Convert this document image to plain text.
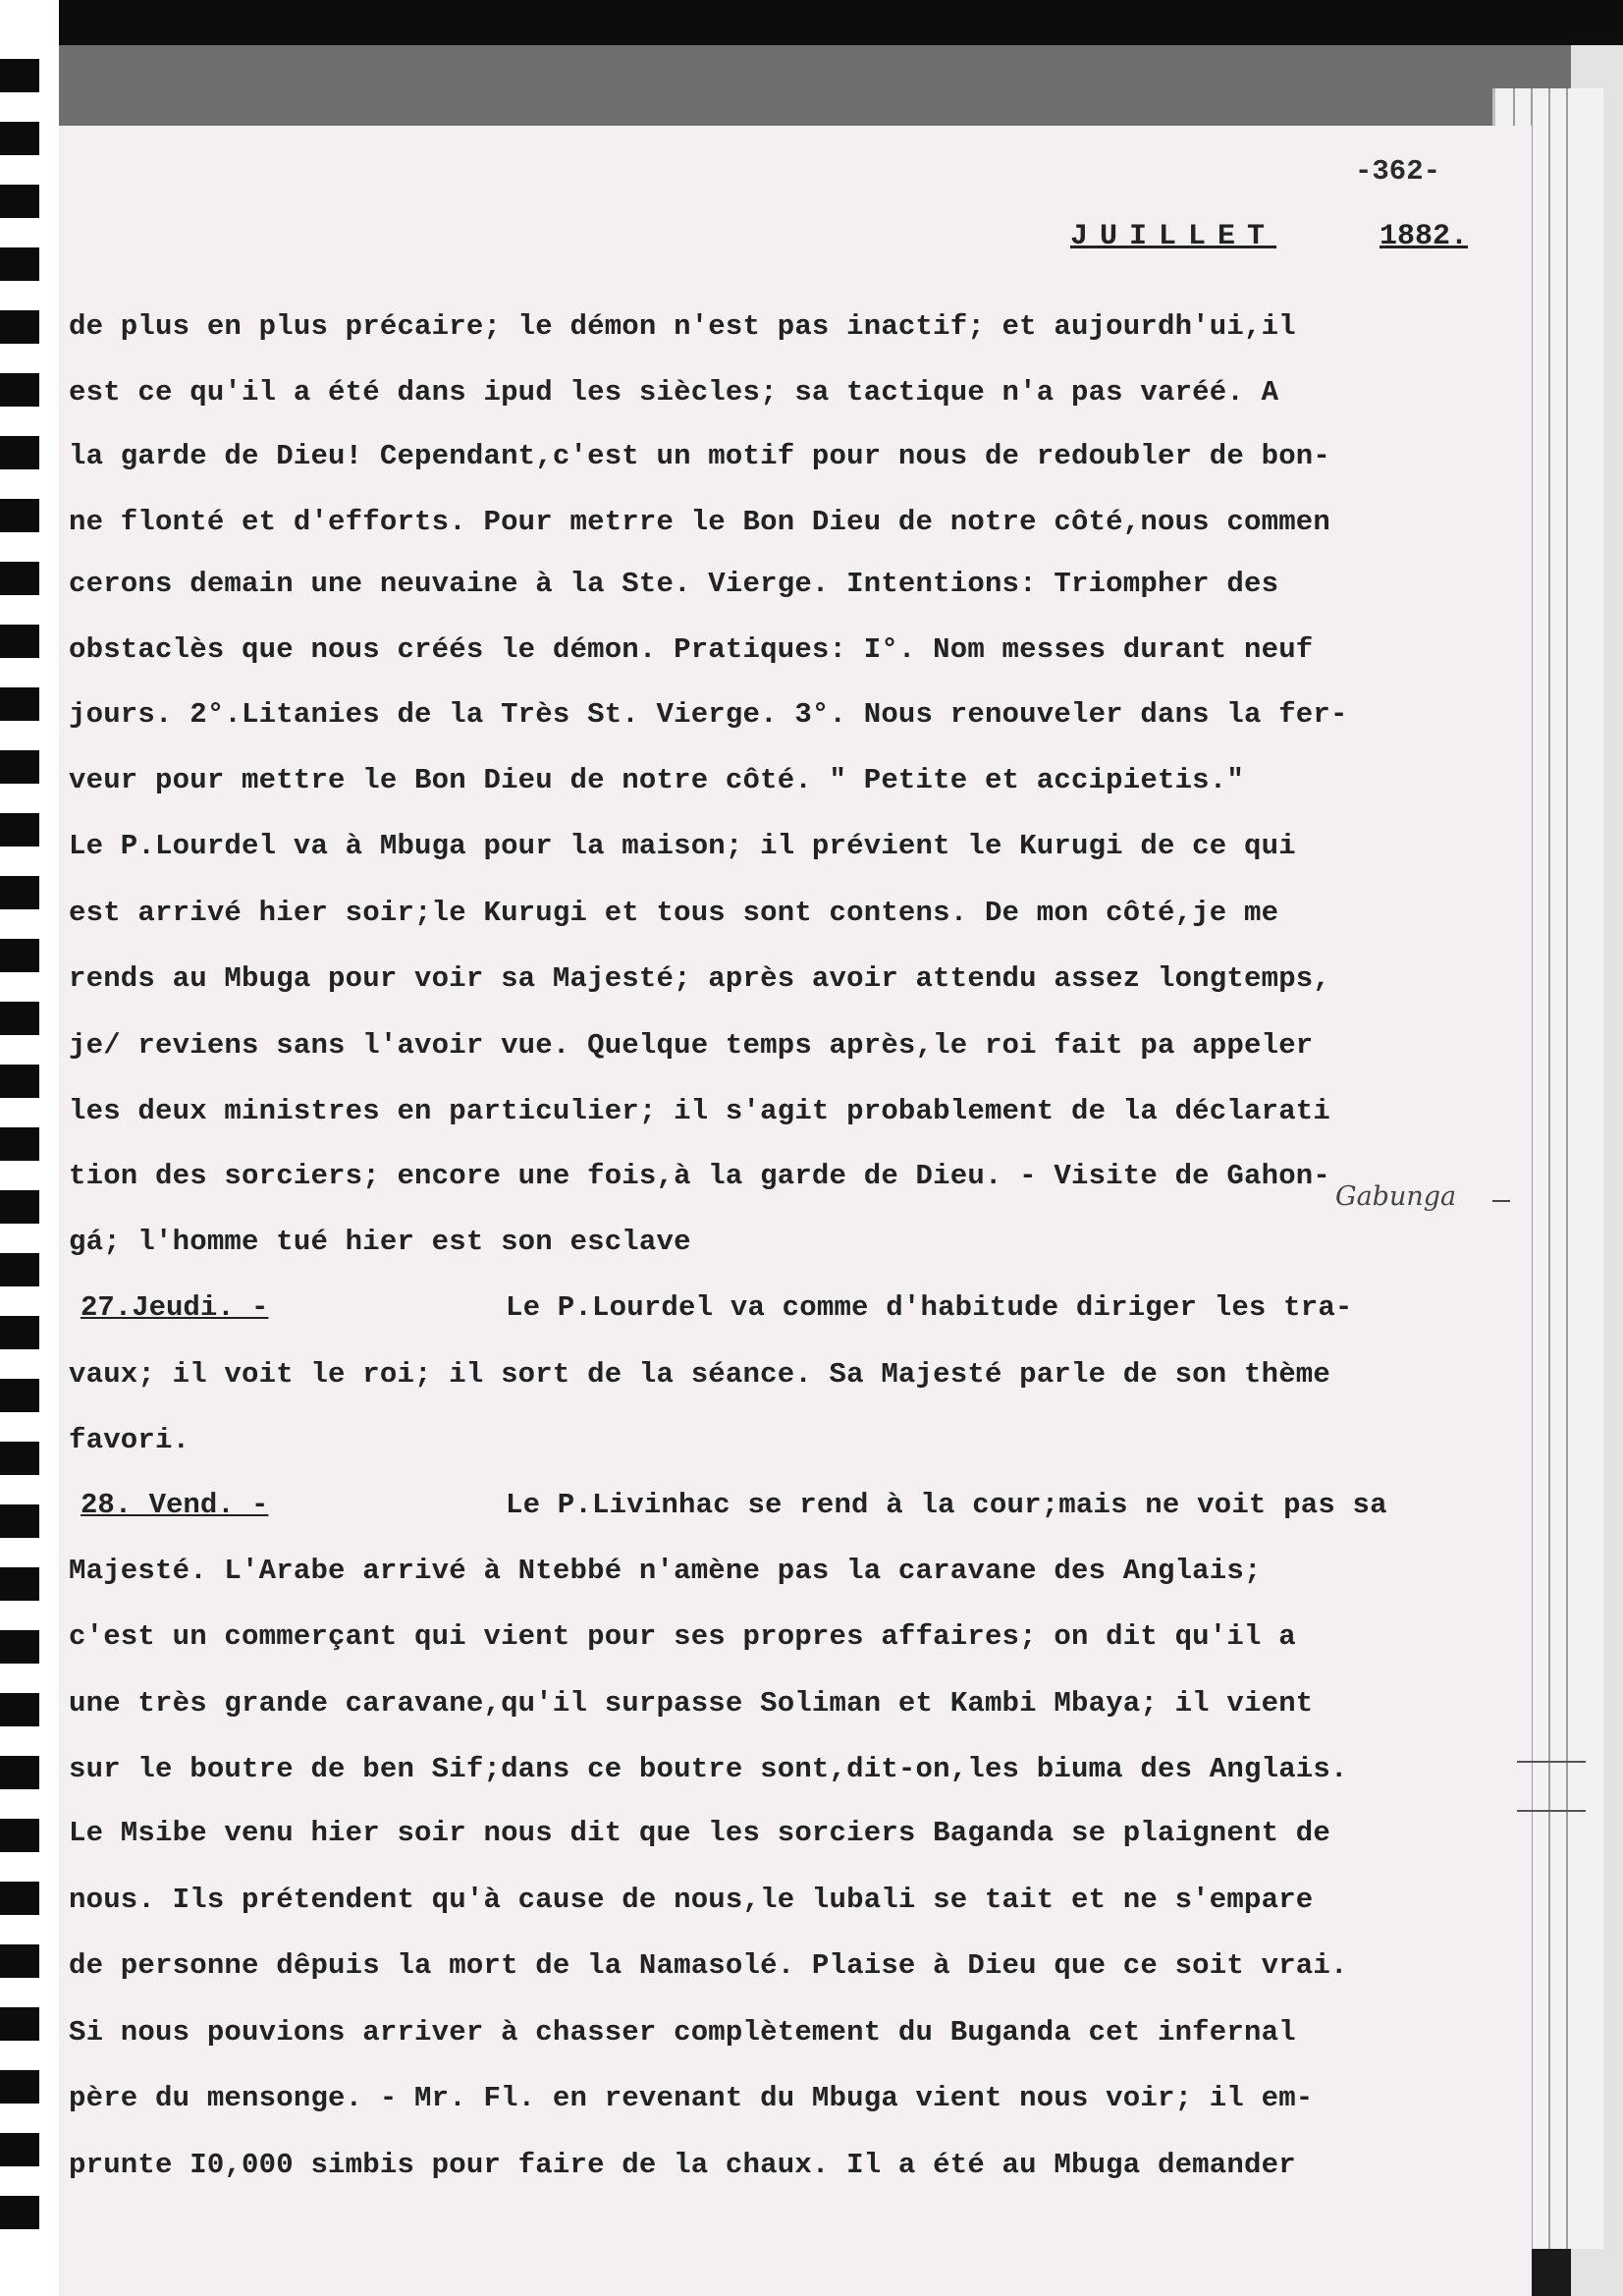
-362-
JUILLET	1882.
de plus en plus précaire; le démon n'est pas inactif; et aujourdh'ui,il
est ce qu'il a été dans ipud les siècles; sa tactique n'a pas varéé. A
la garde de Dieu! Cependant,c'est un motif pour nous de redoubler de bon-
ne flonté et d'efforts. Pour metrre le Bon Dieu de notre côté,nous commen
cerons demain une neuvaine à la Ste. Vierge. Intentions: Triompher des
obstaclès que nous créés le démon. Pratiques: I°. Nom messes durant neuf
jours. 2°.Litanies de la Très St. Vierge. 3°. Nous renouveler dans la fer-
veur pour mettre le Bon Dieu de notre côté. " Petite et accipietis."
Le P.Lourdel va à Mbuga pour la maison; il prévient le Kurugi de ce qui
est arrivé hier soir;le Kurugi et tous sont contens. De mon côté,je me
rends au Mbuga pour voir sa Majesté; après avoir attendu assez longtemps,
je/ reviens sans l'avoir vue. Quelque temps après,le roi fait pa appeler
les deux ministres en particulier; il s'agit probablement de la déclarati
tion des sorciers; encore une fois,à la garde de Dieu. - Visite de Gahon-
gá; l'homme tué hier est son esclave
27.Jeudi. -	Le P.Lourdel va comme d'habitude diriger les tra-
vaux; il voit le roi; il sort de la séance. Sa Majesté parle de son thème
favori.
28. Vend. -	Le P.Livinhac se rend à la cour;mais ne voit pas sa
Majesté. L'Arabe arrivé à Ntebbé n'amène pas la caravane des Anglais;
c'est un commerçant qui vient pour ses propres affaires; on dit qu'il a
une très grande caravane,qu'il surpasse Soliman et Kambi Mbaya; il vient
sur le boutre de ben Sif;dans ce boutre sont,dit-on,les biuma des Anglais.
Le Msibe venu hier soir nous dit que les sorciers Baganda se plaignent de
nous. Ils prétendent qu'à cause de nous,le lubali se tait et ne s'empare
de personne dêpuis la mort de la Namasolé. Plaise à Dieu que ce soit vrai.
Si nous pouvions arriver à chasser complètement du Buganda cet infernal
père du mensonge. - Mr. Fl. en revenant du Mbuga vient nous voir; il em-
prunte I0,000 simbis pour faire de la chaux. Il a été au Mbuga demander
Gabunga
